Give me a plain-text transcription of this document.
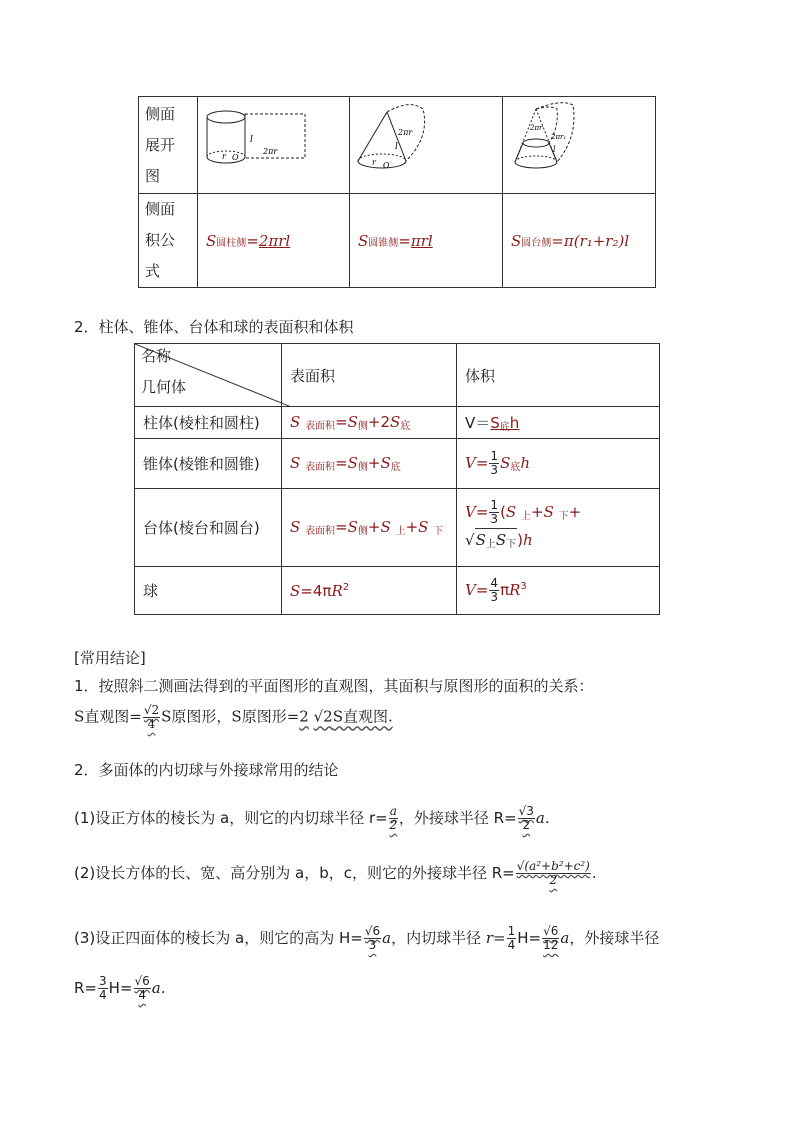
侧面展开图	l
2πr
r O	2πr
l
r O	2πr
2πr₁
l

侧面积公式	S圆柱侧=2πrl	S圆锥侧=πrl	S圆台侧=π(r₁+r₂)l
2．柱体、锥体、台体和球的表面积和体积
名称
几何体	表面积	体积
柱体(棱柱和圆柱)	S $_{表面积}=S_侧+2S_底$	$V=S_底h$
锥体(棱锥和圆锥)	S $_{表面积}=S_侧+S_底$	$V= \frac{1}{3} S_底h$
台体(棱台和圆台)	S $_{表面积}=S_侧+S$ $_上$+S $_下$	$V= \frac{1}{3} (S$ $_上$+S $_下$+
$√S_上S_下)h$
球	$S=4\pi R^2$	$V= \frac{4}{3} \pi R^3$
[常用结论]
1．按照斜二测画法得到的平面图形的直观图，其面积与原图形的面积的关系：
S直观图= $\frac{√2}{4}$ S原图形，S原图形=2 √2S直观图.
2．多面体的内切球与外接球常用的结论
(1)设正方体的棱长为 a，则它的内切球半径 $r= \frac{a}{2}$ ，外接球半径 $R= \frac{√3}{2} a$.
(2)设长方体的长、宽、高分别为 a，b，c，则它的外接球半径 $R= \frac{\text{√(a²+b²+c²)}}{2}$ .
(3)设正四面体的棱长为 a，则它的高为 $H= \frac{√6}{3}$ a，内切球半径 $r= \frac{1}{4} H= \frac{√6}{12}$ a，外接球半径
$R= \frac{3}{4} H= \frac{√6}{4} a$.
